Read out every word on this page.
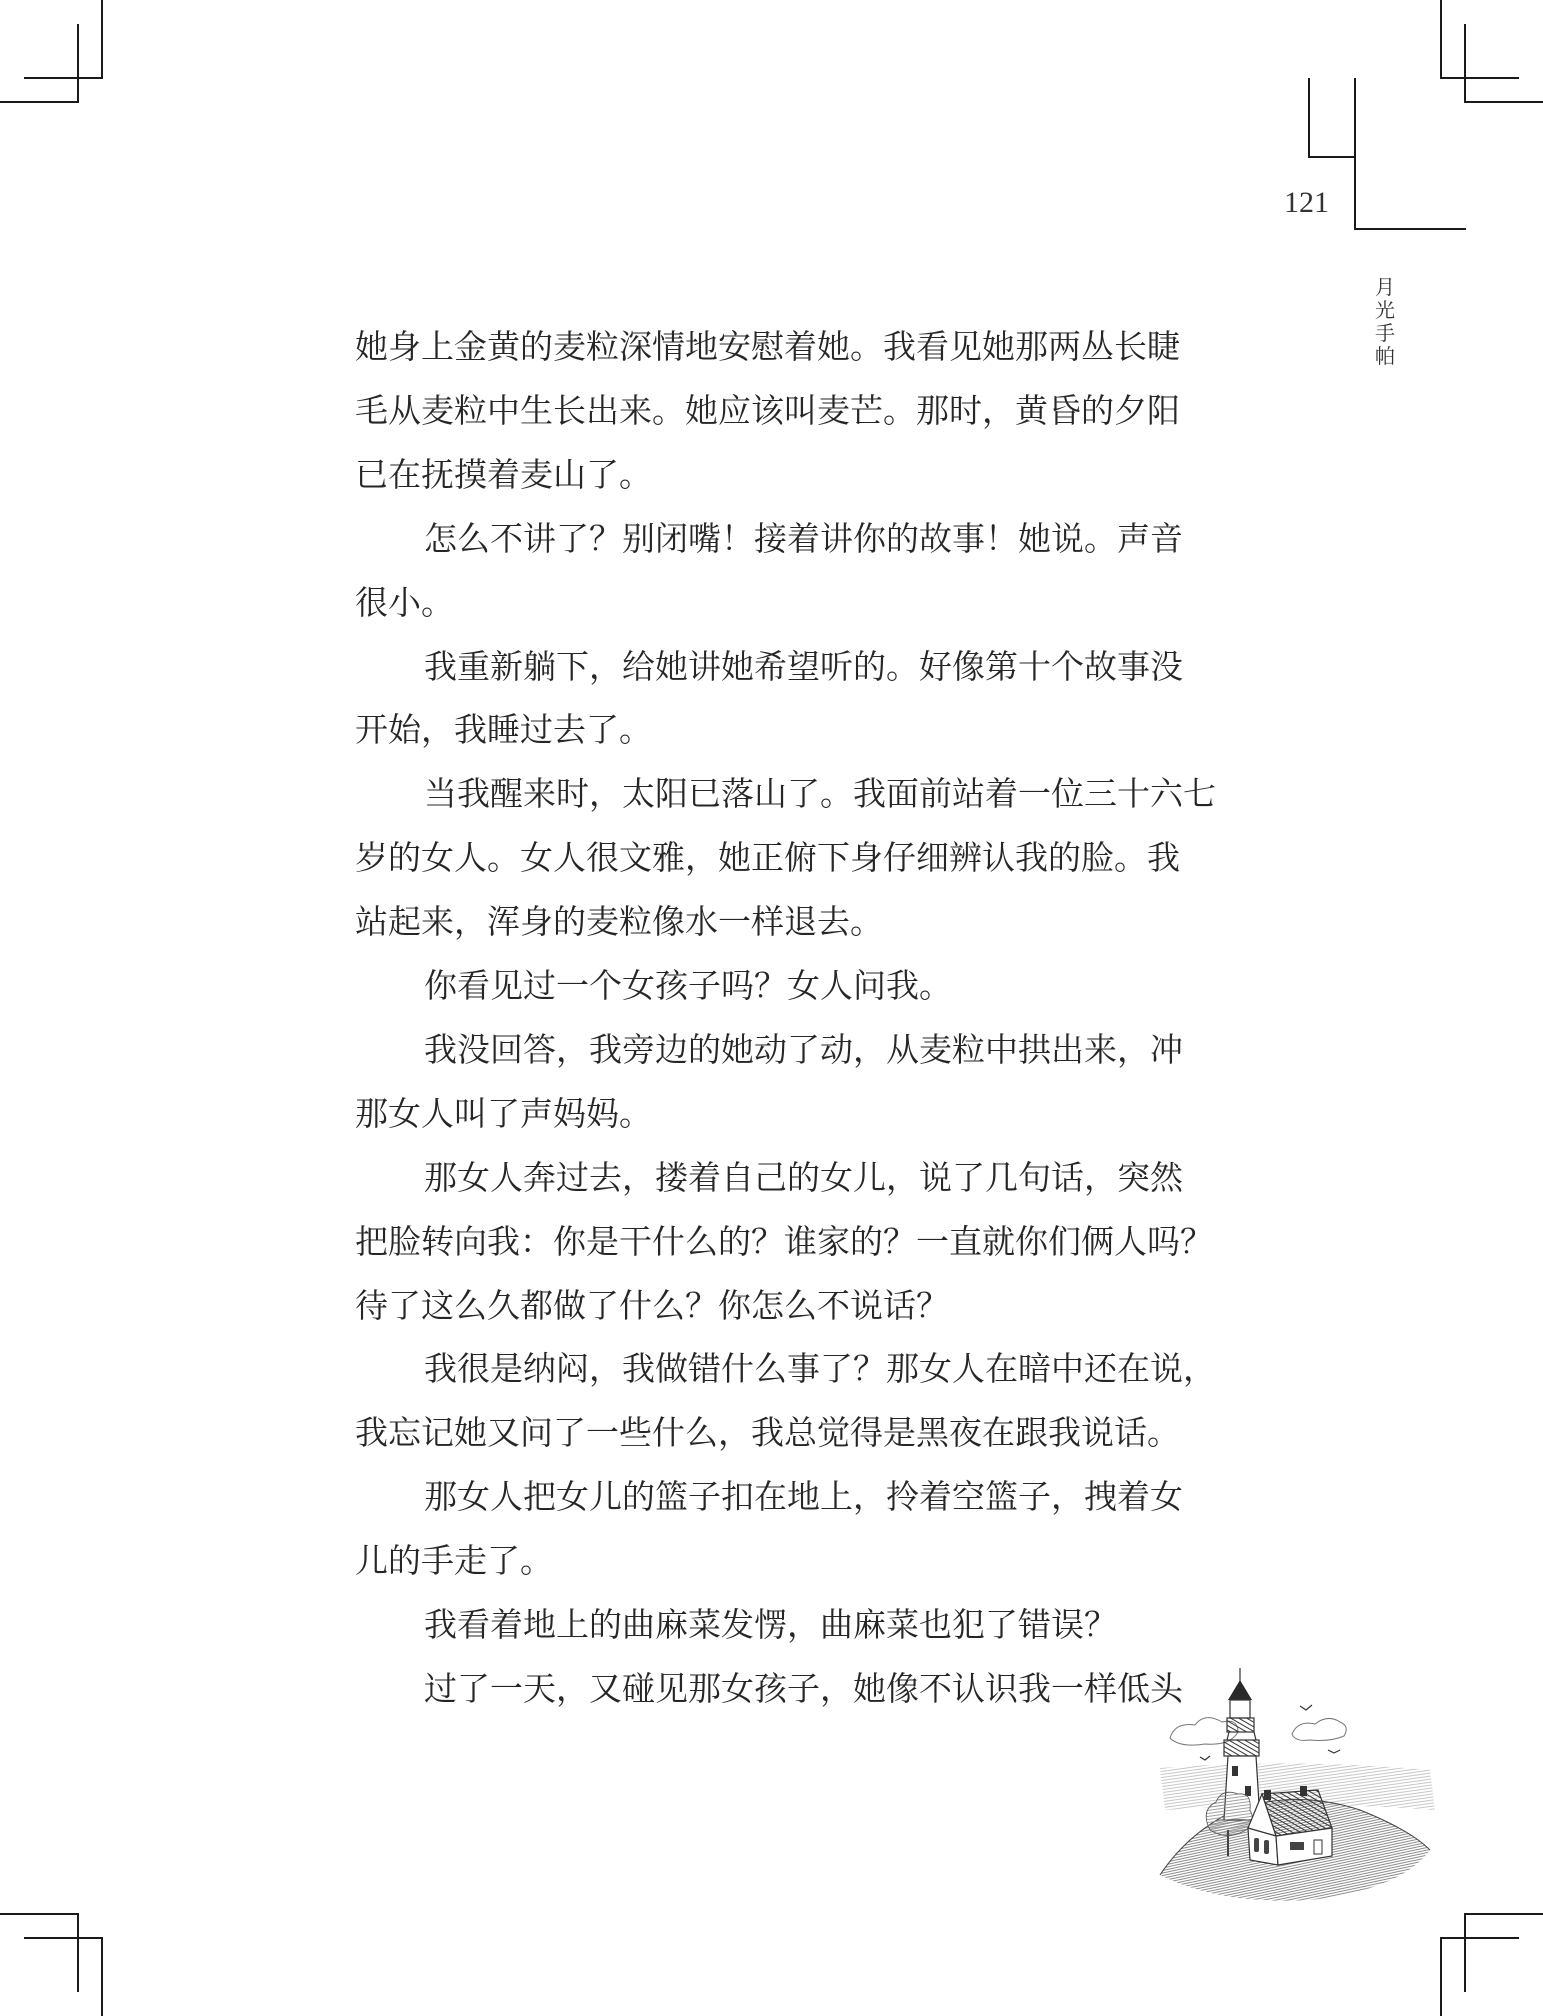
121
月
光
手
帕
她身上金黄的麦粒深情地安慰着她。我看见她那两丛长睫
毛从麦粒中生长出来。她应该叫麦芒。那时，黄昏的夕阳
已在抚摸着麦山了。
怎么不讲了？别闭嘴！接着讲你的故事！她说。声音
很小。
我重新躺下，给她讲她希望听的。好像第十个故事没
开始，我睡过去了。
当我醒来时，太阳已落山了。我面前站着一位三十六七
岁的女人。女人很文雅，她正俯下身仔细辨认我的脸。我
站起来，浑身的麦粒像水一样退去。
你看见过一个女孩子吗？女人问我。
我没回答，我旁边的她动了动，从麦粒中拱出来，冲
那女人叫了声妈妈。
那女人奔过去，搂着自己的女儿，说了几句话，突然
把脸转向我：你是干什么的？谁家的？一直就你们俩人吗？
待了这么久都做了什么？你怎么不说话？
我很是纳闷，我做错什么事了？那女人在暗中还在说，
我忘记她又问了一些什么，我总觉得是黑夜在跟我说话。
那女人把女儿的篮子扣在地上，拎着空篮子，拽着女
儿的手走了。
我看着地上的曲麻菜发愣，曲麻菜也犯了错误？
过了一天，又碰见那女孩子，她像不认识我一样低头
